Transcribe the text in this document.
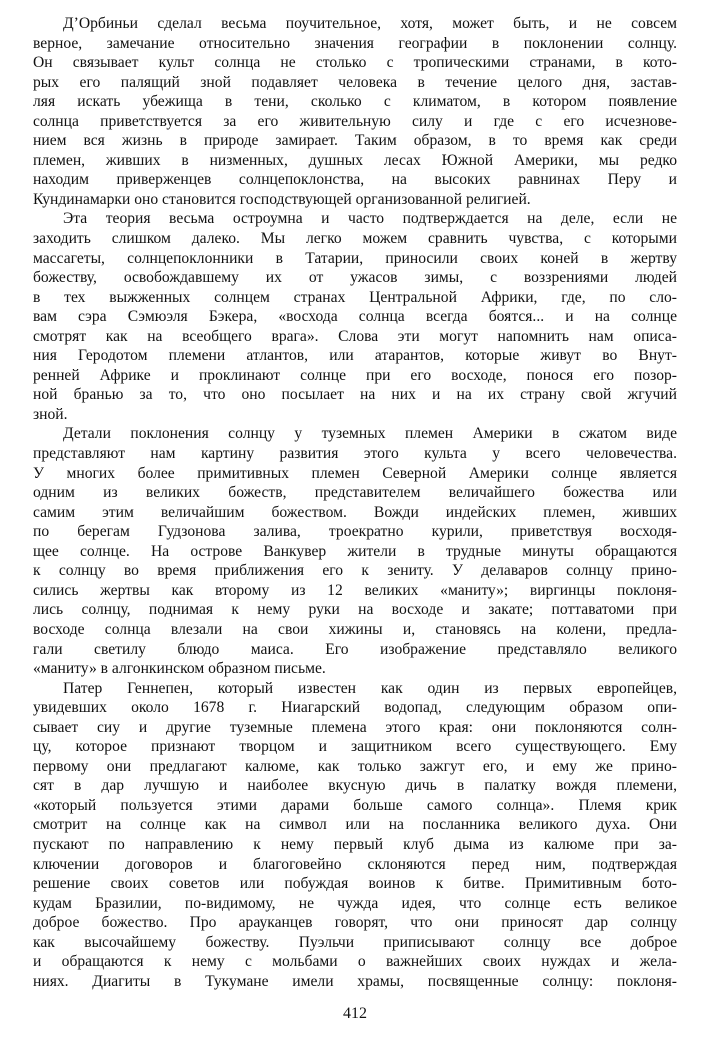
Д’Орбиньи сделал весьма поучительное, хотя, может быть, и не совсем
верное, замечание относительно значения географии в поклонении солнцу.
Он связывает культ солнца не столько с тропическими странами, в кото-
рых его палящий зной подавляет человека в течение целого дня, застав-
ляя искать убежища в тени, сколько с климатом, в котором появление
солнца приветствуется за его живительную силу и где с его исчезнове-
нием вся жизнь в природе замирает. Таким образом, в то время как среди
племен, живших в низменных, душных лесах Южной Америки, мы редко
находим приверженцев солнцепоклонства, на высоких равнинах Перу и
Кундинамарки оно становится господствующей организованной религией.
Эта теория весьма остроумна и часто подтверждается на деле, если не
заходить слишком далеко. Мы легко можем сравнить чувства, с которыми
массагеты, солнцепоклонники в Татарии, приносили своих коней в жертву
божеству, освобождавшему их от ужасов зимы, с воззрениями людей
в тех выжженных солнцем странах Центральной Африки, где, по сло-
вам сэра Сэмюэля Бэкера, «восхода солнца всегда боятся... и на солнце
смотрят как на всеобщего врага». Слова эти могут напомнить нам описа-
ния Геродотом племени атлантов, или атарантов, которые живут во Внут-
ренней Африке и проклинают солнце при его восходе, понося его позор-
ной бранью за то, что оно посылает на них и на их страну свой жгучий
зной.
Детали поклонения солнцу у туземных племен Америки в сжатом виде
представляют нам картину развития этого культа у всего человечества.
У многих более примитивных племен Северной Америки солнце является
одним из великих божеств, представителем величайшего божества или
самим этим величайшим божеством. Вожди индейских племен, живших
по берегам Гудзонова залива, троекратно курили, приветствуя восходя-
щее солнце. На острове Ванкувер жители в трудные минуты обращаются
к солнцу во время приближения его к зениту. У делаваров солнцу прино-
сились жертвы как второму из 12 великих «маниту»; виргинцы поклоня-
лись солнцу, поднимая к нему руки на восходе и закате; поттаватоми при
восходе солнца влезали на свои хижины и, становясь на колени, предла-
гали светилу блюдо маиса. Его изображение представляло великого
«маниту» в алгонкинском образном письме.
Патер Геннепен, который известен как один из первых европейцев,
увидевших около 1678 г. Ниагарский водопад, следующим образом опи-
сывает сиу и другие туземные племена этого края: они поклоняются солн-
цу, которое признают творцом и защитником всего существующего. Ему
первому они предлагают калюме, как только зажгут его, и ему же прино-
сят в дар лучшую и наиболее вкусную дичь в палатку вождя племени,
«который пользуется этими дарами больше самого солнца». Племя крик
смотрит на солнце как на символ или на посланника великого духа. Они
пускают по направлению к нему первый клуб дыма из калюме при за-
ключении договоров и благоговейно склоняются перед ним, подтверждая
решение своих советов или побуждая воинов к битве. Примитивным бото-
кудам Бразилии, по-видимому, не чужда идея, что солнце есть великое
доброе божество. Про арауканцев говорят, что они приносят дар солнцу
как высочайшему божеству. Пуэльчи приписывают солнцу все доброе
и обращаются к нему с мольбами о важнейших своих нуждах и жела-
ниях. Диагиты в Тукумане имели храмы, посвященные солнцу: поклоня-
412
